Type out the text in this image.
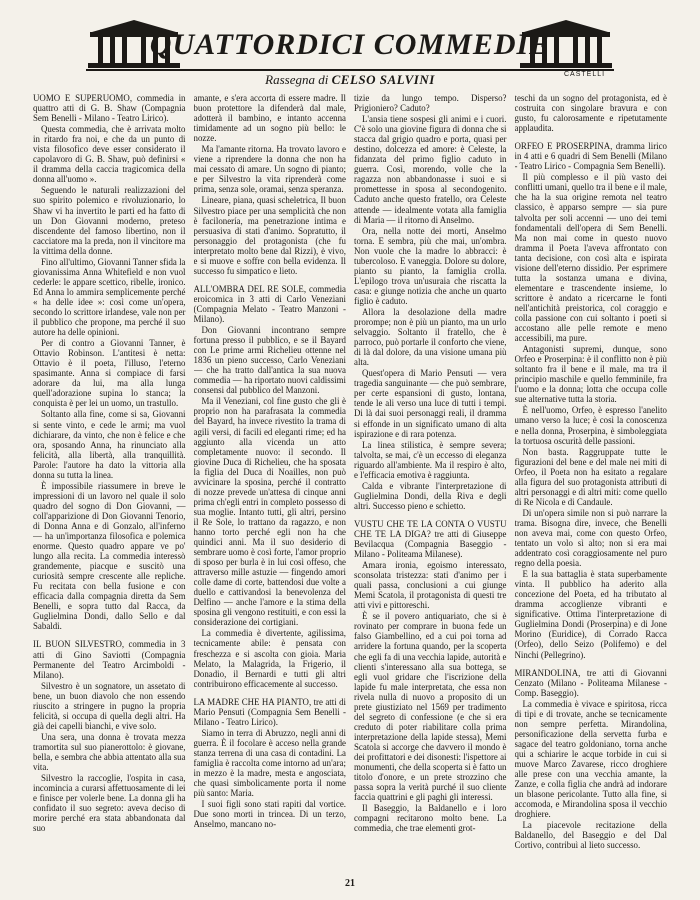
QUATTORDICI COMMEDIE
Rassegna di CELSO SALVINI	CASTELLI

UOMO E SUPERUOMO, commedia in quattro atti di G. B. Shaw (Compagnia Sem Benelli - Milano - Teatro Lirico).

Questa commedia, che è arrivata molto in ritardo fra noi, e che da un punto di vista filosofico deve esser considerato il capolavoro di G. B. Shaw, può definirsi « il dramma della caccia tragicomica della donna all'uomo ».

Seguendo le naturali realizzazioni del suo spirito polemico e rivoluzionario, lo Shaw vi ha invertito le parti ed ha fatto di un Don Giovanni moderno, preteso discendente del famoso libertino, non il cacciatore ma la preda, non il vincitore ma la vittima della donne.

Fino all'ultimo, Giovanni Tanner sfida la giovanissima Anna Whitefield e non vuol cederle: le appare scettico, ribelle, ironico. Ed Anna lo ammira semplicemente perché « ha delle idee »: così come un'opera, secondo lo scrittore irlandese, vale non per il pubblico che propone, ma perché il suo autore ha delle opinioni.

Per di contro a Giovanni Tanner, è Ottavio Robinson. L'antitesi è netta: Ottavio è il poeta, l'illuso, l'eterno spasimante. Anna si compiace di farsi adorare da lui, ma alla lunga quell'adorazione supina lo stanca; la conquista è per lei un uomo, un trastullo.

Soltanto alla fine, come si sa, Giovanni si sente vinto, e cede le armi; ma vuol dichiarare, da vinto, che non è felice e che ora, sposando Anna, ha rinunciato alla felicità, alla libertà, alla tranquillità. Parole: l'autore ha dato la vittoria alla donna su tutta la linea.

È impossibile riassumere in breve le impressioni di un lavoro nel quale il solo quadro del sogno di Don Giovanni, — coll'apparizione di Don Giovanni Tenorio, di Donna Anna e di Gonzalo, all'inferno — ha un'importanza filosofica e polemica enorme. Questo quadro appare ve po' lungo alla recita. La commedia interessò grandemente, piacque e suscitò una curiosità sempre crescente alle repliche. Fu recitata con bella fusione e con efficacia dalla compagnia diretta da Sem Benelli, e sopra tutto dal Racca, da Guglielmina Dondi, dallo Sello e dal Sabaldi.

IL BUON SILVESTRO, commedia in 3 atti di Gino Saviotti (Compagnia Permanente del Teatro Arcimboldi - Milano).

Silvestro è un sognatore, un assetato di bene, un buon diavolo che non essendo riuscito a stringere in pugno la propria felicità, si occupa di quella degli altri. Ha già dei capelli bianchi, e vive solo.

Una sera, una donna è trovata mezza tramortita sul suo pianerottolo: è giovane, bella, e sembra che abbia attentato alla sua vita.

Silvestro la raccoglie, l'ospita in casa, incomincia a curarsi affettuosamente di lei e finisce per volerle bene. La donna gli ha confidato il suo segreto: aveva deciso di morire perché era stata abbandonata dal suo

amante, e s'era accorta di essere madre. Il buon protettore la difenderà dal male, adotterà il bambino, e intanto accenna timidamente ad un sogno più bello: le nozze.

Ma l'amante ritorna. Ha trovato lavoro e viene a riprendere la donna che non ha mai cessato di amare. Un sogno di pianto; e per Silvestro la vita riprenderà come prima, senza sole, oramai, senza speranza.

Lineare, piana, quasi scheletrica, Il buon Silvestro piace per una semplicità che non è facilonería, ma penetrazione intima e persuasiva di stati d'animo. Sopratutto, il personaggio del protagonista (che fu interpretato molto bene dal Rizzi), è vivo, e si muove e soffre con bella evidenza. Il successo fu simpatico e lieto.

ALL'OMBRA DEL RE SOLE, commedia eroicomica in 3 atti di Carlo Veneziani (Compagnia Melato - Teatro Manzoni - Milano).

Don Giovanni incontrano sempre fortuna presso il pubblico, e se il Bayard con Le prime armi Richelieu ottenne nel 1836 un pieno successo, Carlo Veneziani — che ha tratto dall'antica la sua nuova commedia — ha riportato nuovi caldissimi consensi dal pubblico del Manzoni.

Ma il Veneziani, col fine gusto che gli è proprio non ha parafrasata la commedia del Bayard, ha invece rivestito la trama di agili versi, di facili ed eleganti rime; ed ha aggiunto alla vicenda un atto completamente nuovo: il secondo. Il giovine Duca di Richelieu, che ha sposata la figlia del Duca di Noailles, non può avvicinare la sposina, perché il contratto di nozze prevede un'attesa di cinque anni prima ch'egli entri in completo possesso di sua moglie. Intanto tutti, gli altri, persino il Re Sole, lo trattano da ragazzo, e non hanno torto perché egli non ha che quindici anni. Ma il suo desiderio di sembrare uomo è così forte, l'amor proprio di sposo per burla è in lui così offeso, che attraverso mille astuzie — fingendo amori colle dame di corte, battendosi due volte a duello e cattivandosi la benevolenza del Delfino — anche l'amore e la stima della sposina gli vengono restituiti, e con essi la considerazione dei cortigiani.

La commedia è divertente, agilissima, tecnicamente abile: è pensata con freschezza e si ascolta con gioia. Maria Melato, la Malagrida, la Frigerio, il Donadio, il Bernardi e tutti gli altri contribuirono efficacemente al successo.

LA MADRE CHE HA PIANTO, tre atti di Mario Pensuti (Compagnia Sem Benelli - Milano - Teatro Lirico).

Siamo in terra di Abruzzo, negli anni di guerra. È il focolare è acceso nella grande stanza terrena di una casa di contadini. La famiglia è raccolta come intorno ad un'ara; in mezzo è la madre, mesta e angosciata, che quasi simbolicamente porta il nome più santo: Maria.

I suoi figli sono stati rapiti dal vortice. Due sono morti in trincea. Di un terzo, Anselmo, mancano no-

tizie da lungo tempo. Disperso? Prigioniero? Caduto?

L'ansia tiene sospesi gli animi e i cuori. C'è solo una giovine figura di donna che si stacca dal grigio quadro e porta, quasi per destino, dolcezza ed amore: è Celeste, la fidanzata del primo figlio caduto in guerra. Così, morendo, volle che la ragazza non abbandonasse i suoi e si promettesse in sposa al secondogenito. Caduto anche questo fratello, ora Celeste attende — idealmente votata alla famiglia di Maria — il ritorno di Anselmo.

Ora, nella notte dei morti, Anselmo torna. E sembra, più che mai, un'ombra. Non vuole che la madre lo abbracci: è tubercoloso. E vaneggia. Dolore su dolore, pianto su pianto, la famiglia crolla. L'epilogo trova un'usuraia che riscatta la casa: e giunge notizia che anche un quarto figlio è caduto.

Allora la desolazione della madre prorompe; non è più un pianto, ma un urlo selvaggio. Soltanto il fratello, che è parroco, può portarle il conforto che viene, di là dal dolore, da una visione umana più alta.

Quest'opera di Mario Pensuti — vera tragedia sanguinante — che può sembrare, per certe espansioni di gusto, lontana, tende le ali verso una luce di tutti i tempi. Di là dai suoi personaggi reali, il dramma si effonde in un significato umano di alta ispirazione e di rara potenza.

La linea stilistica, è sempre severa; talvolta, se mai, c'è un eccesso di eleganza riguardo all'ambiente. Ma il respiro è alto, e l'efficacia emotiva è raggiunta.

Calda e vibrante l'interpretazione di Guglielmina Dondi, della Riva e degli altri. Successo pieno e schietto.

VUSTU CHE TE LA CONTA O VUSTU CHE TE LA DIGA? tre atti di Giuseppe Bevilacqua (Compagnia Baseggio - Milano - Politeama Milanese).

Amara ironia, egoismo interessato, sconsolata tristezza: stati d'animo per i quali passa, conclusioni a cui giunge Memi Scatola, il protagonista di questi tre atti vivi e pittoreschi.

È se il povero antiquariato, che si è rovinato per comprare in buona fede un falso Giambellino, ed a cui poi torna ad arridere la fortuna quando, per la scoperta che egli fa di una vecchia lapide, autorità e clienti s'interessano alla sua bottega, se egli vuol gridare che l'iscrizione della lapide fu male interpretata, che essa non rivela nulla di nuovo a proposito di un prete giustiziato nel 1569 per tradimento del segreto di confessione (e che si era creduto di poter riabilitare colla prima interpretazione della lapide stessa), Memi Scatola si accorge che davvero il mondo è dei profittatori e dei disonesti: l'ispettore ai monumenti, che della scoperta si è fatto un titolo d'onore, e un prete strozzino che passa sopra la verità purché il suo cliente faccia quattrini e gli paghi gli interessi.

Il Baseggio, la Baldanello e i loro compagni recitarono molto bene. La commedia, che trae elementi grot-

teschi da un sogno del protagonista, ed è costruita con singolare bravura e con gusto, fu calorosamente e ripetutamente applaudita.

ORFEO E PROSERPINA, dramma lirico in 4 atti e 6 quadri di Sem Benelli (Milano - Teatro Lirico - Compagnia Sem Benelli).

Il più complesso e il più vasto dei conflitti umani, quello tra il bene e il male, che ha la sua origine remota nel teatro classico, è apparso sempre — sia pure talvolta per soli accenni — uno dei temi fondamentali dell'opera di Sem Benelli. Ma non mai come in questo nuovo dramma il Poeta l'aveva affrontato con tanta decisione, con così alta e ispirata visione dell'eterno dissidio. Per esprimere tutta la sostanza umana e divina, elementare e trascendente insieme, lo scrittore è andato a ricercarne le fonti nell'antichità preistorica, col coraggio e colla passione con cui soltanto i poeti si accostano alle pelle remote e meno accessibili, ma pure.

Antagonisti supremi, dunque, sono Orfeo e Proserpina: è il conflitto non è più soltanto fra il bene e il male, ma tra il principio maschile e quello femminile, fra l'uomo e la donna; lotta che occupa colle sue alternative tutta la storia.

È nell'uomo, Orfeo, è espresso l'anelito umano verso la luce; è così la conoscenza e nella donna, Proserpina, è simboleggiata la tortuosa oscurità delle passioni.

Non basta. Raggruppate tutte le figurazioni del bene e del male nei miti di Orfeo, il Poeta non ha esitato a regalare alla figura del suo protagonista attributi di altri personaggi e di altri miti: come quello di Re Nicola e di Candaule.

Di un'opera simile non si può narrare la trama. Bisogna dire, invece, che Benelli non aveva mai, come con questo Orfeo, tentato un volo sì alto; non si era mai addentrato così coraggiosamente nel puro regno della poesia.

E la sua battaglia è stata superbamente vinta. Il pubblico ha aderito alla concezione del Poeta, ed ha tributato al dramma accoglienze vibranti e significative. Ottima l'interpretazione di Guglielmina Dondi (Proserpina) e di Jone Morino (Euridice), di Corrado Racca (Orfeo), dello Seizo (Polifemo) e del Ninchi (Pellegrino).

MIRANDOLINA, tre atti di Giovanni Cenzato (Milano - Politeama Milanese - Comp. Baseggio).

La commedia è vivace e spiritosa, ricca di tipi e di trovate, anche se tecnicamente non sempre perfetta. Mirandolina, personificazione della servetta furba e sagace del teatro goldoniano, torna anche qui a schiarire le acque torbide in cui si muove Marco Zavarese, ricco droghiere alle prese con una vecchia amante, la Zanze, e colla figlia che andrà ad indorare un blasone pericolante. Tutto alla fine, si accomoda, e Mirandolina sposa il vecchio droghiere.

La piacevole recitazione della Baldanello, del Baseggio e del Dal Cortivo, contribuì al lieto successo.

21
